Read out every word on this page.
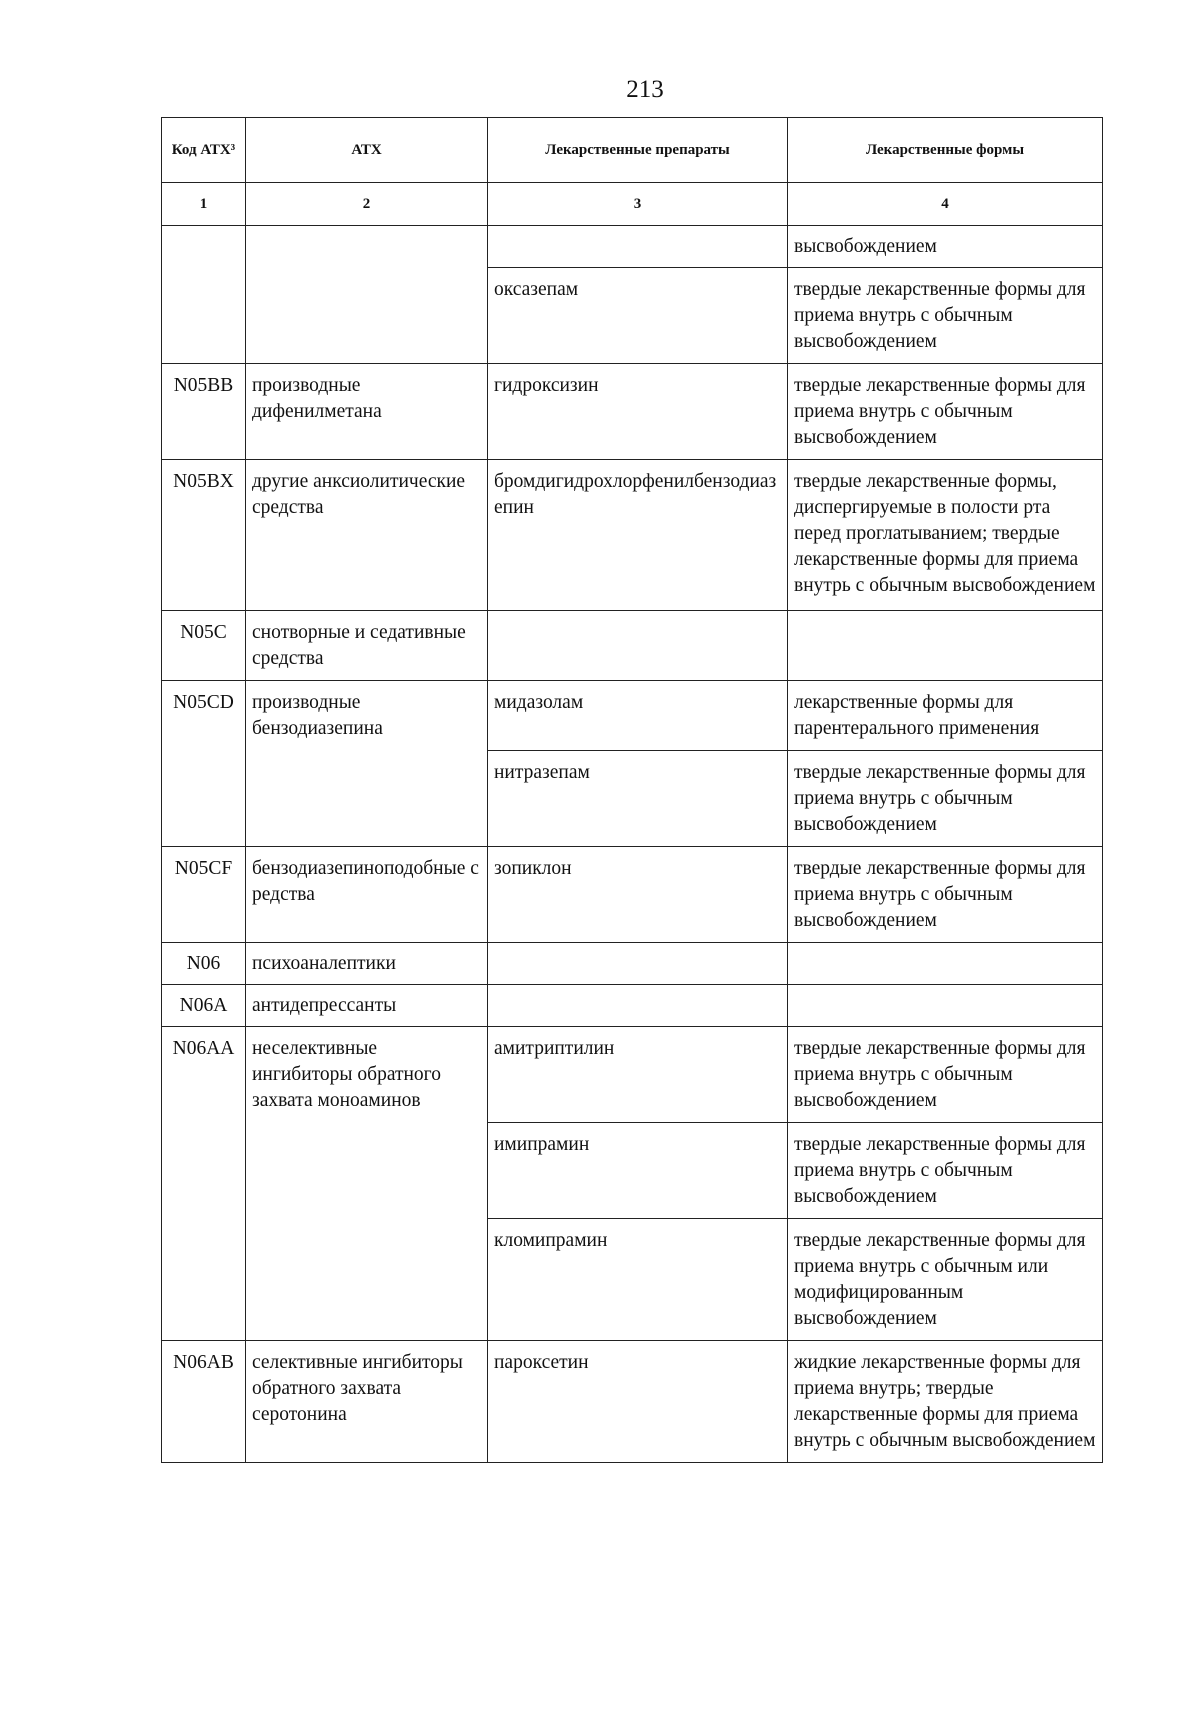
213
Код АТХ³	АТХ	Лекарственные препараты	Лекарственные формы
1	2	3	4
			высвобождением
		оксазепам	твердые лекарственные формы для приема внутрь с обычным высвобождением
N05BB	производные дифенилметана	гидроксизин	твердые лекарственные формы для приема внутрь с обычным высвобождением
N05BX	другие анксиолитические средства	бромдигидрохлорфенилбензодиазепин	твердые лекарственные формы, диспергируемые в полости рта перед проглатыванием; твердые лекарственные формы для приема внутрь с обычным высвобождением
N05C	снотворные и седативные средства		
N05CD	производные бензодиазепина	мидазолам	лекарственные формы для парентерального применения
		нитразепам	твердые лекарственные формы для приема внутрь с обычным высвобождением
N05CF	бензодиазепиноподобные средства	зопиклон	твердые лекарственные формы для приема внутрь с обычным высвобождением
N06	психоаналептики		
N06A	антидепрессанты		
N06AA	неселективные ингибиторы обратного захвата моноаминов	амитриптилин	твердые лекарственные формы для приема внутрь с обычным высвобождением
		имипрамин	твердые лекарственные формы для приема внутрь с обычным высвобождением
		кломипрамин	твердые лекарственные формы для приема внутрь с обычным или модифицированным высвобождением
N06AB	селективные ингибиторы обратного захвата серотонина	пароксетин	жидкие лекарственные формы для приема внутрь; твердые лекарственные формы для приема внутрь с обычным высвобождением
